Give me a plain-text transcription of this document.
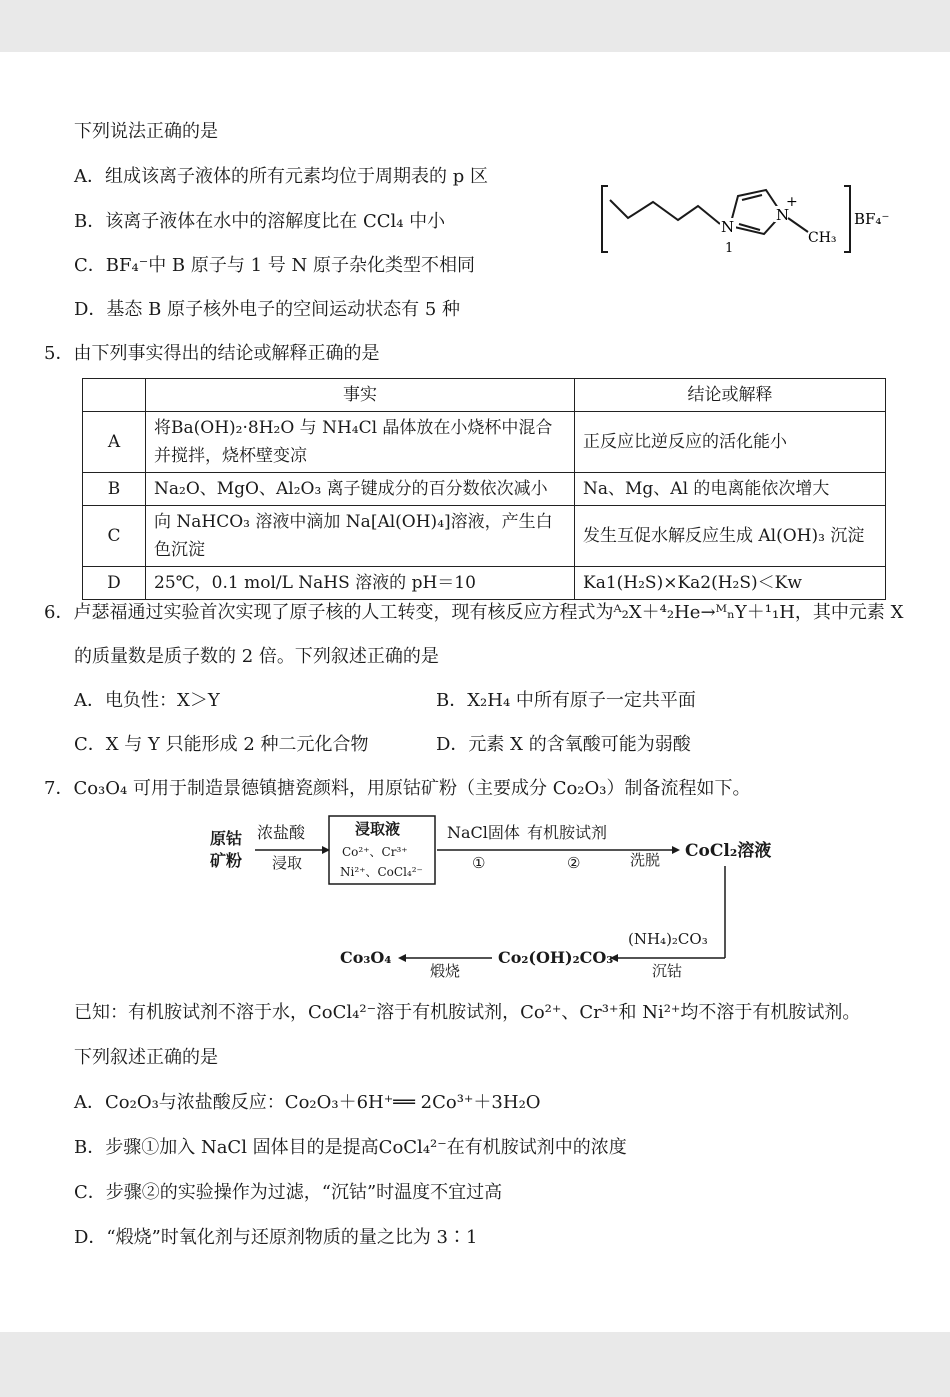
下列说法正确的是
A．组成该离子液体的所有元素均位于周期表的 p 区
B．该离子液体在水中的溶解度比在 CCl₄ 中小
C．BF₄⁻中 B 原子与 1 号 N 原子杂化类型不相同
D．基态 B 原子核外电子的空间运动状态有 5 种
N
1
N
+
CH₃
BF₄⁻
5．由下列事实得出的结论或解释正确的是
	事实	结论或解释
A	将Ba(OH)₂·8H₂O 与 NH₄Cl 晶体放在小烧杯中混合并搅拌，烧杯壁变凉	正反应比逆反应的活化能小
B	Na₂O、MgO、Al₂O₃ 离子键成分的百分数依次减小	Na、Mg、Al 的电离能依次增大
C	向 NaHCO₃ 溶液中滴加 Na[Al(OH)₄]溶液，产生白色沉淀	发生互促水解反应生成 Al(OH)₃ 沉淀
D	25℃，0.1 mol/L NaHS 溶液的 pH＝10	Ka1(H₂S)×Ka2(H₂S)＜Kw
6．卢瑟福通过实验首次实现了原子核的人工转变，现有核反应方程式为ᴬ₂X＋⁴₂He→ᴹₙY＋¹₁H，其中元素 X
的质量数是质子数的 2 倍。下列叙述正确的是
A．电负性：X＞Y	B．X₂H₄ 中所有原子一定共平面
C．X 与 Y 只能形成 2 种二元化合物	D．元素 X 的含氧酸可能为弱酸
7．Co₃O₄ 可用于制造景德镇搪瓷颜料，用原钴矿粉（主要成分 Co₂O₃）制备流程如下。
原钴
矿粉
浓盐酸
浸取
浸取液
Co²⁺、Cr³⁺
Ni²⁺、CoCl₄²⁻
NaCl固体 有机胺试剂
①	②	洗脱 CoCl₂溶液
(NH₄)₂CO₃
沉钴
Co₂(OH)₂CO₃
煅烧
Co₃O₄
已知：有机胺试剂不溶于水，CoCl₄²⁻溶于有机胺试剂，Co²⁺、Cr³⁺和 Ni²⁺均不溶于有机胺试剂。
下列叙述正确的是
A．Co₂O₃与浓盐酸反应：Co₂O₃＋6H⁺══ 2Co³⁺＋3H₂O
B．步骤①加入 NaCl 固体目的是提高CoCl₄²⁻在有机胺试剂中的浓度
C．步骤②的实验操作为过滤，“沉钴”时温度不宜过高
D．“煅烧”时氧化剂与还原剂物质的量之比为 3∶1
